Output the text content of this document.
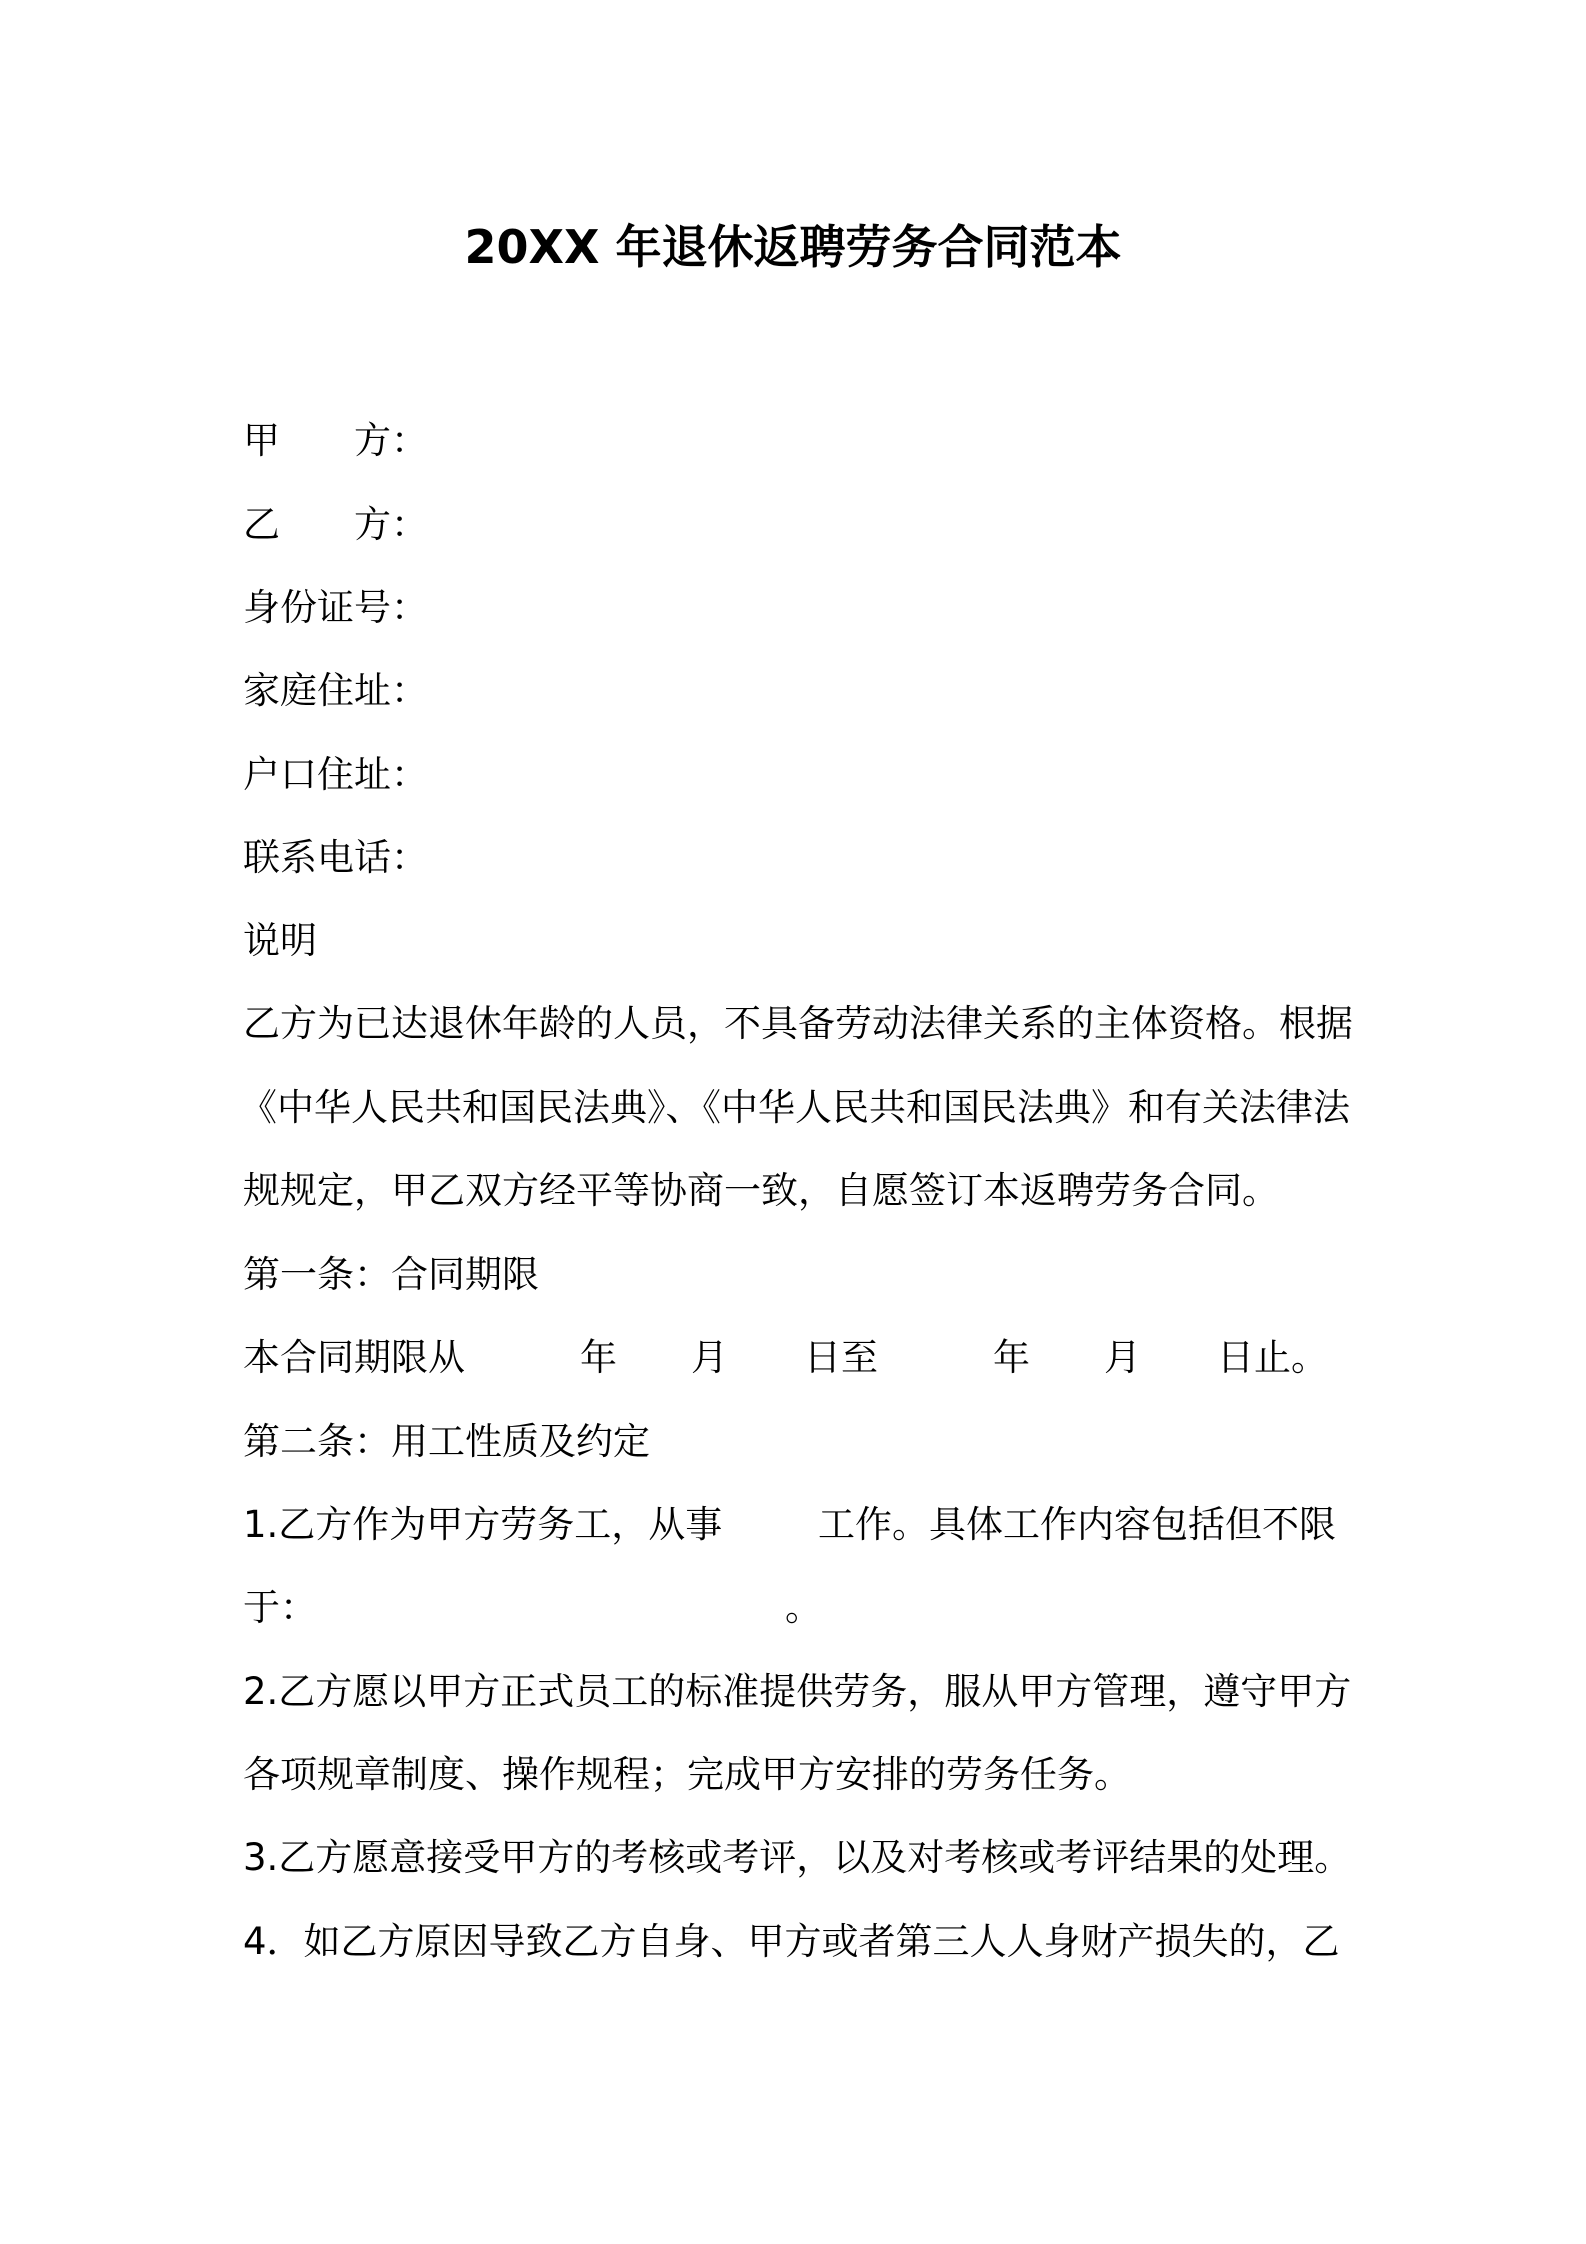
20XX 年退休返聘劳务合同范本
甲　　方：
乙　　方：
身份证号：
家庭住址：
户口住址：
联系电话：
说明
乙方为已达退休年龄的人员，不具备劳动法律关系的主体资格。根据
《中华人民共和国民法典》、《中华人民共和国民法典》和有关法律法
规规定，甲乙双方经平等协商一致，自愿签订本返聘劳务合同。
第一条：合同期限
本合同期限从	年 月 日至	年 月 日止。
第二条：用工性质及约定
1.乙方作为甲方劳务工，从事	工作。具体工作内容包括但不限
于：	。
2.乙方愿以甲方正式员工的标准提供劳务，服从甲方管理，遵守甲方
各项规章制度、操作规程；完成甲方安排的劳务任务。
3.乙方愿意接受甲方的考核或考评，以及对考核或考评结果的处理。
4．如乙方原因导致乙方自身、甲方或者第三人人身财产损失的，乙
